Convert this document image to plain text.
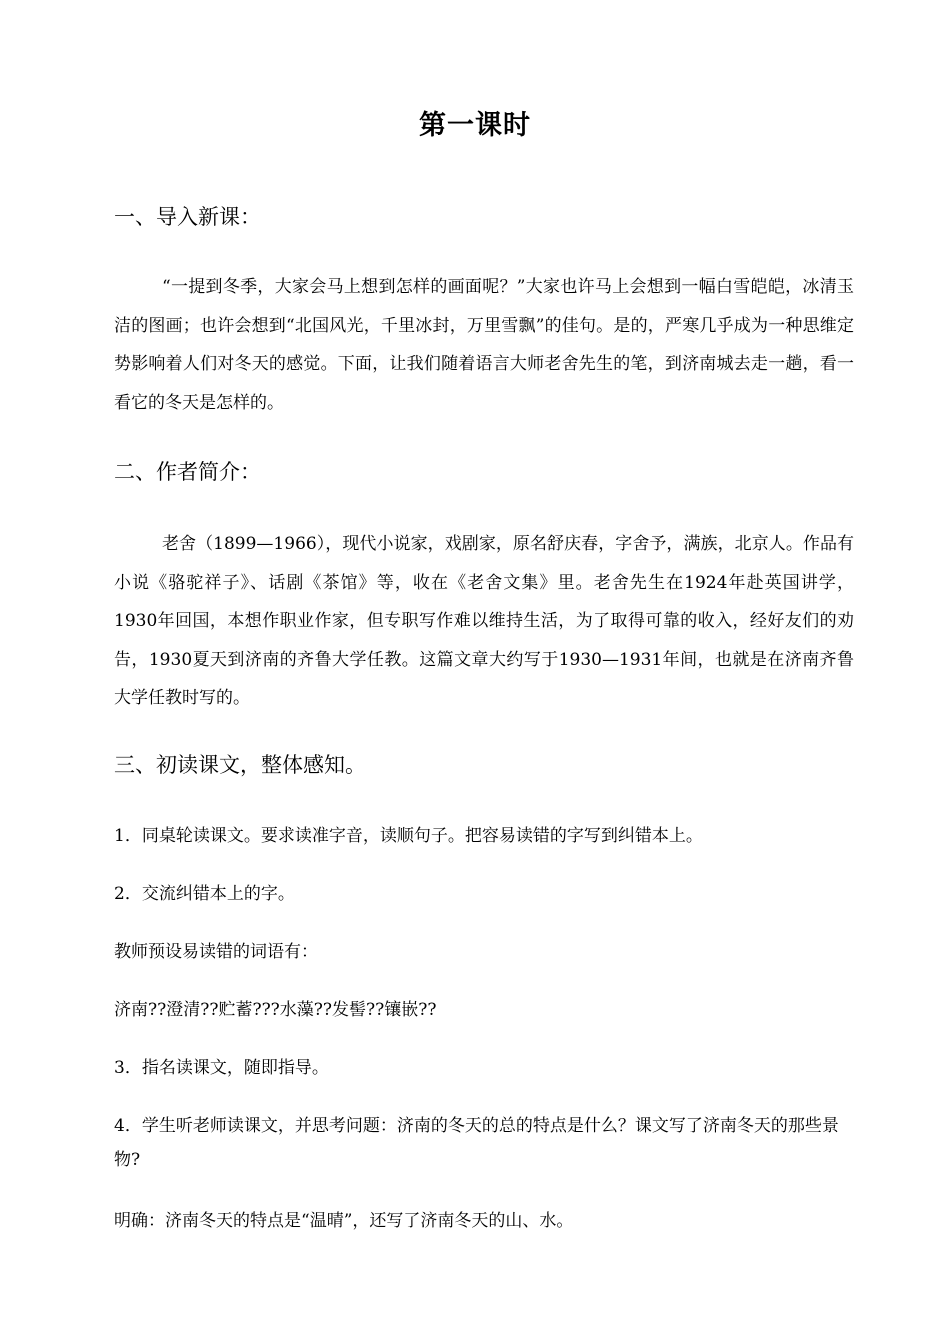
第一课时
一、导入新课：
“一提到冬季，大家会马上想到怎样的画面呢？”大家也许马上会想到一幅白雪皑皑，冰清玉洁的图画；也许会想到“北国风光，千里冰封，万里雪飘”的佳句。是的，严寒几乎成为一种思维定势影响着人们对冬天的感觉。下面，让我们随着语言大师老舍先生的笔，到济南城去走一趟，看一看它的冬天是怎样的。
二、作者简介：
老舍（1899—1966），现代小说家，戏剧家，原名舒庆春，字舍予，满族，北京人。作品有小说《骆驼祥子》、话剧《茶馆》等，收在《老舍文集》里。老舍先生在1924年赴英国讲学，1930年回国，本想作职业作家，但专职写作难以维持生活，为了取得可靠的收入，经好友们的劝告，1930夏天到济南的齐鲁大学任教。这篇文章大约写于1930—1931年间，也就是在济南齐鲁大学任教时写的。
三、初读课文，整体感知。
1．同桌轮读课文。要求读准字音，读顺句子。把容易读错的字写到纠错本上。
2．交流纠错本上的字。
教师预设易读错的词语有：
济南??澄清??贮蓄???水藻??发髻??镶嵌??
3．指名读课文，随即指导。
4．学生听老师读课文，并思考问题：济南的冬天的总的特点是什么？课文写了济南冬天的那些景物?
明确：济南冬天的特点是“温晴”，还写了济南冬天的山、水。
